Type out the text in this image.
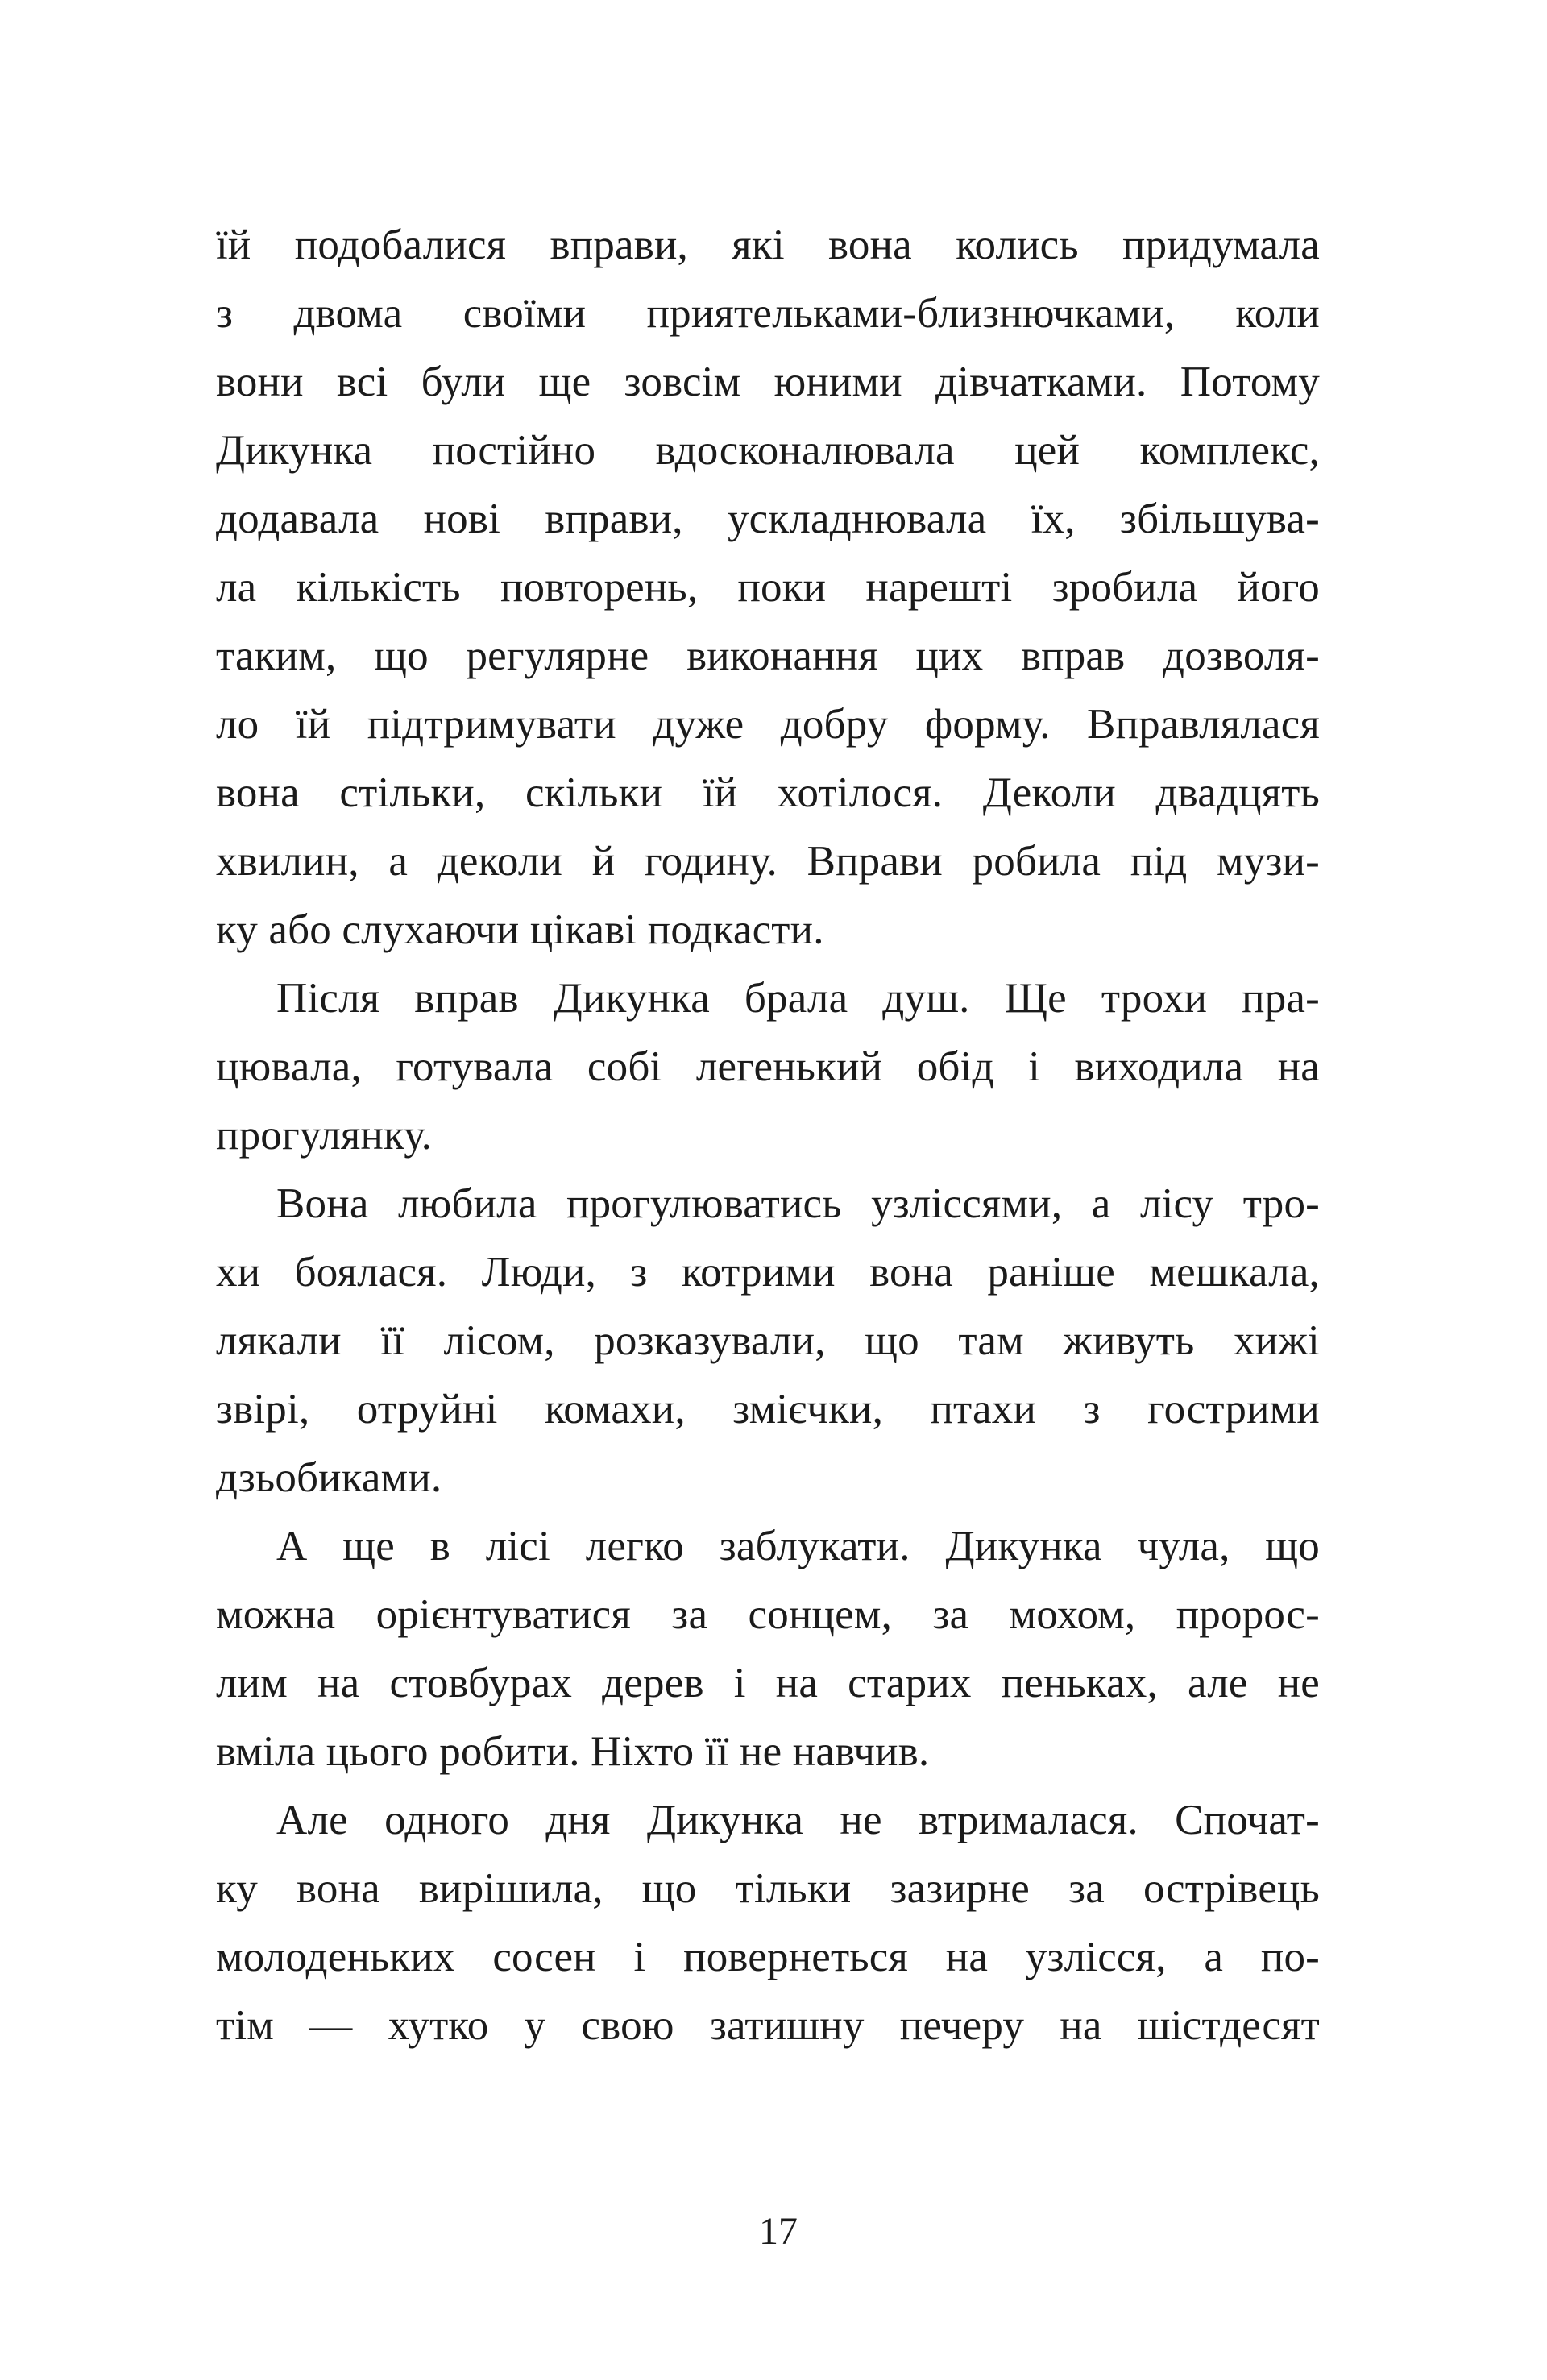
їй подобалися вправи, які вона колись придумала
з двома своїми приятельками-близнючками, коли
вони всі були ще зовсім юними дівчатками. Потому
Дикунка постійно вдосконалювала цей комплекс,
додавала нові вправи, ускладнювала їх, збільшува-
ла кількість повторень, поки нарешті зробила його
таким, що регулярне виконання цих вправ дозволя-
ло їй підтримувати дуже добру форму. Вправлялася
вона стільки, скільки їй хотілося. Деколи двадцять
хвилин, а деколи й годину. Вправи робила під музи-
ку або слухаючи цікаві подкасти.
Після вправ Дикунка брала душ. Ще трохи пра-
цювала, готувала собі легенький обід і виходила на
прогулянку.
Вона любила прогулюватись узліссями, а лісу тро-
хи боялася. Люди, з котрими вона раніше мешкала,
лякали її лісом, розказували, що там живуть хижі
звірі, отруйні комахи, змієчки, птахи з гострими
дзьобиками.
А ще в лісі легко заблукати. Дикунка чула, що
можна орієнтуватися за сонцем, за мохом, пророс-
лим на стовбурах дерев і на старих пеньках, але не
вміла цього робити. Ніхто її не навчив.
Але одного дня Дикунка не втрималася. Спочат-
ку вона вирішила, що тільки зазирне за острівець
молоденьких сосен і повернеться на узлісся, а по-
тім — хутко у свою затишну печеру на шістдесят
17
